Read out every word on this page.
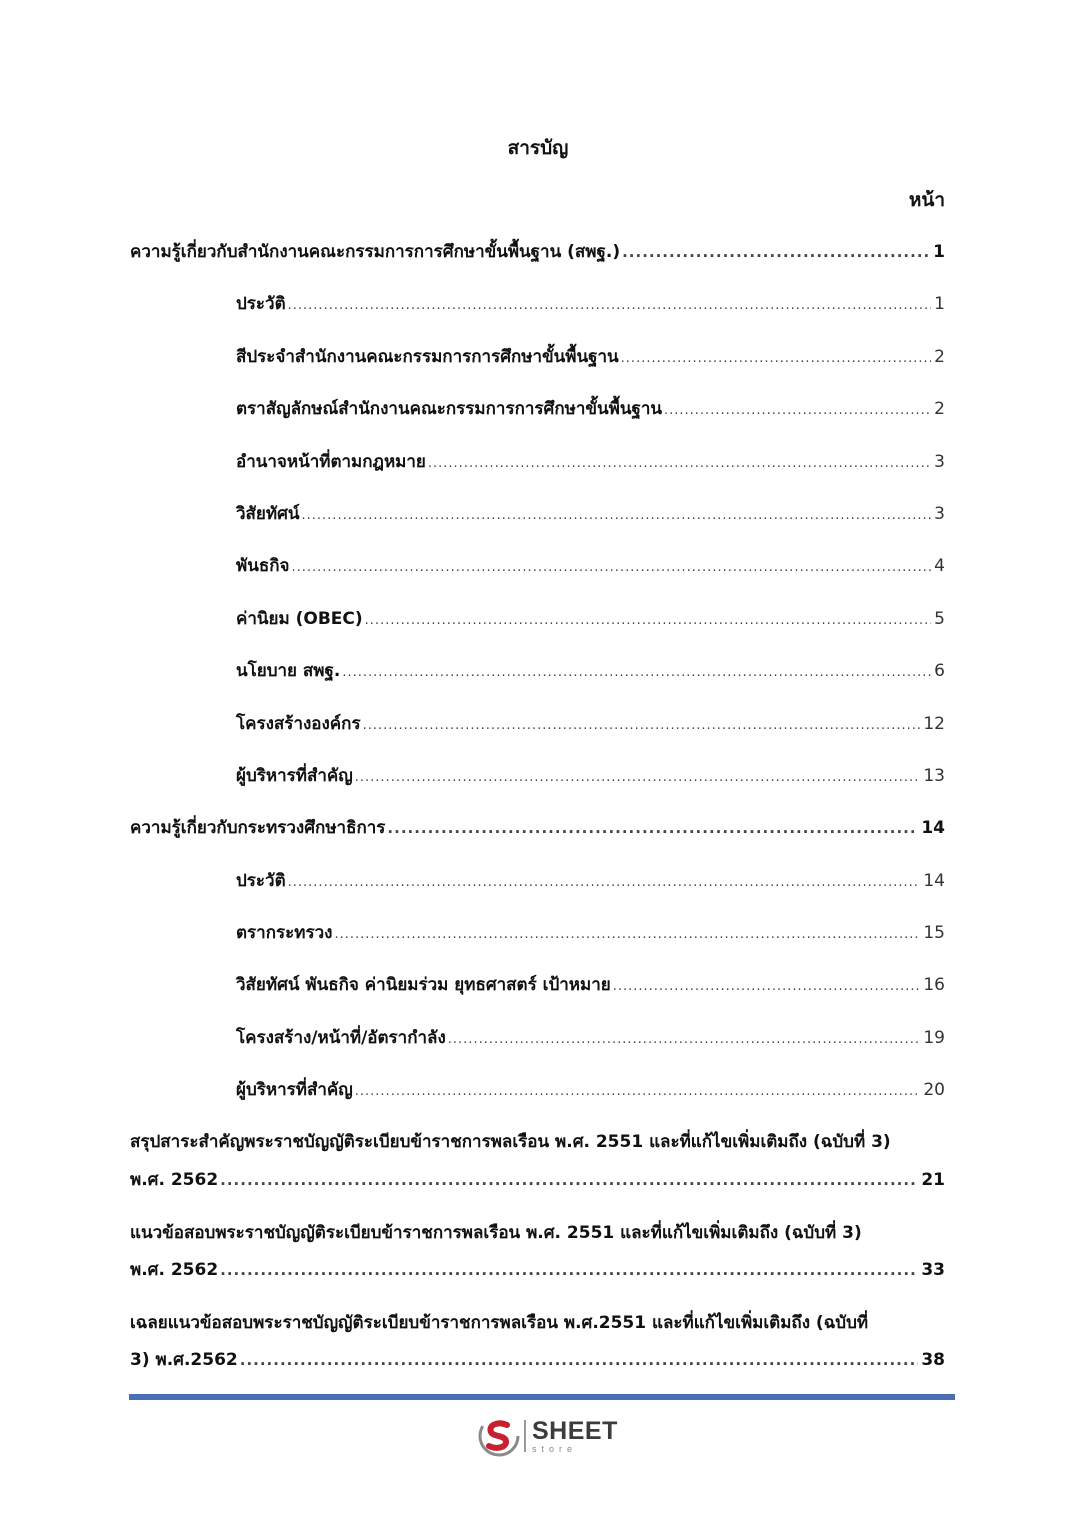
สารบัญ
หน้า
ความรู้เกี่ยวกับสำนักงานคณะกรรมการการศึกษาขั้นพื้นฐาน (สพฐ.) .....	1
ประวัติ .....	1
สีประจำสำนักงานคณะกรรมการการศึกษาขั้นพื้นฐาน .....	2
ตราสัญลักษณ์สำนักงานคณะกรรมการการศึกษาขั้นพื้นฐาน .....	2
อำนาจหน้าที่ตามกฎหมาย .....	3
วิสัยทัศน์ .....	3
พันธกิจ .....	4
ค่านิยม (OBEC) .....	5
นโยบาย สพฐ. .....	6
โครงสร้างองค์กร .....	12
ผู้บริหารที่สำคัญ .....	13
ความรู้เกี่ยวกับกระทรวงศึกษาธิการ .....	14
ประวัติ .....	14
ตรากระทรวง .....	15
วิสัยทัศน์ พันธกิจ ค่านิยมร่วม ยุทธศาสตร์ เป้าหมาย .....	16
โครงสร้าง/หน้าที่/อัตรากำลัง .....	19
ผู้บริหารที่สำคัญ .....	20
สรุปสาระสำคัญพระราชบัญญัติระเบียบข้าราชการพลเรือน พ.ศ. 2551 และที่แก้ไขเพิ่มเติมถึง (ฉบับที่ 3)
พ.ศ. 2562 .....	21
แนวข้อสอบพระราชบัญญัติระเบียบข้าราชการพลเรือน พ.ศ. 2551 และที่แก้ไขเพิ่มเติมถึง (ฉบับที่ 3)
พ.ศ. 2562 .....	33
เฉลยแนวข้อสอบพระราชบัญญัติระเบียบข้าราชการพลเรือน พ.ศ.2551 และที่แก้ไขเพิ่มเติมถึง (ฉบับที่
3) พ.ศ.2562 .....	38
SHEET
store
